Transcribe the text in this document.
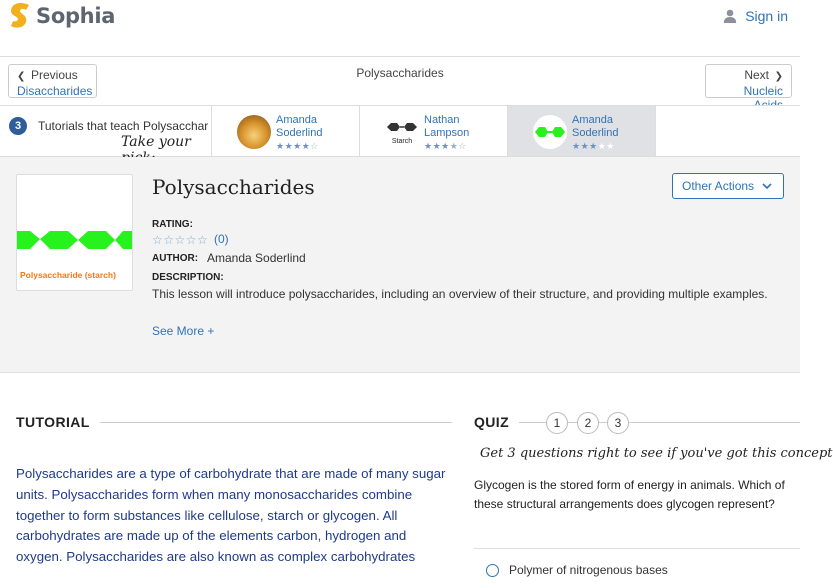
Sophia	Sign in
❮ Previous
Disaccharides
Polysaccharides	Next ❯
Nucleic
3	Tutorials that teach Polysacchar
Take your
Amanda Soderlind
★★★★☆	Starch
Nathan Lampson
★★★★☆
Amanda Soderlind
★★★★★
Polysaccharide (starch)
Polysaccharides	Other Actions
RATING:
☆☆☆☆☆ (0)
AUTHOR: Amanda Soderlind
DESCRIPTION:
This lesson will introduce polysaccharides, including an overview of their structure, and providing multiple examples.
See More +
TUTORIAL
Polysaccharides are a type of carbohydrate that are made of many sugar units. Polysaccharides form when many monosaccharides combine together to form substances like cellulose, starch or glycogen. All carbohydrates are made up of the elements carbon, hydrogen and oxygen. Polysaccharides are also known as complex carbohydrates
QUIZ	1	2	3
Get 3 questions right to see if you've got this concept
Glycogen is the stored form of energy in animals. Which of these structural arrangements does glycogen represent?
Polymer of nitrogenous bases
